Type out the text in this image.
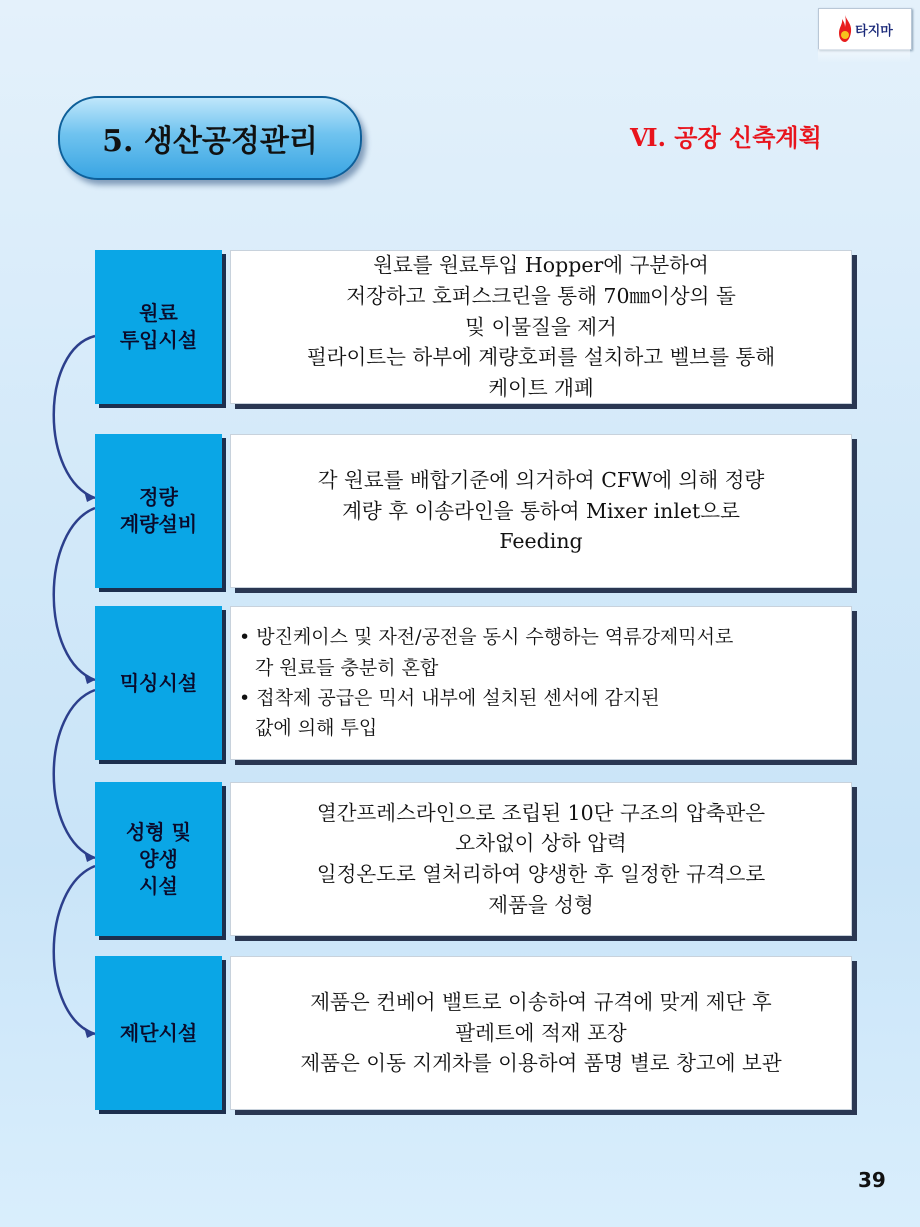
타지마
5. 생산공정관리	Ⅵ. 공장 신축계획
원료
투입시설
원료를 원료투입 Hopper에 구분하여
저장하고 호퍼스크린을 통해 70㎜이상의 돌
및 이물질을 제거
펄라이트는 하부에 계량호퍼를 설치하고 벨브를 통해
케이트 개폐
정량
계량설비
각 원료를 배합기준에 의거하여 CFW에 의해 정량
계량 후 이송라인을 통하여 Mixer inlet으로
Feeding
믹싱시설
• 방진케이스 및 자전/공전을 동시 수행하는 역류강제믹서로
각 원료들 충분히 혼합
• 접착제 공급은 믹서 내부에 설치된 센서에 감지된
값에 의해 투입
성형 및
양생
시설
열간프레스라인으로 조립된 10단 구조의 압축판은
오차없이 상하 압력
일정온도로 열처리하여 양생한 후 일정한 규격으로
제품을 성형
제단시설
제품은 컨베어 밸트로 이송하여 규격에 맞게 제단 후
팔레트에 적재 포장
제품은 이동 지게차를 이용하여 품명 별로 창고에 보관
39
